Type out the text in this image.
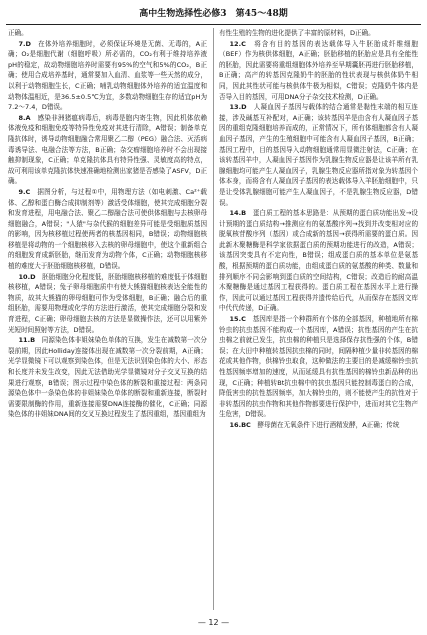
高中生物选择性必修3 第45～48期

正确。

7.D　 在体外培养细胞时，必须保证环境是无菌、无毒的，A正确；O₂是细胞代谢（细胞呼吸）所必需的，CO₂有利于维持培养液pH的稳定，故动物细胞培养时需要有95%的空气和5%的CO₂，B正确；使用合成培养基时，通常要加入血清、血浆等一些天然的成分，以利于动物细胞生长，C正确；哺乳动物细胞体外培养的适宜温度和动物体温相近，是36.5±0.5℃为宜，多数动物细胞生存的适宜pH为7.2～7.4，D错误。

8.A　 感染非洲猪瘟病毒后，病毒是胞内寄生物，因此机体依赖体液免疫和细胞免疫等特异性免疫对其进行清除，A错误；制备单克隆抗体时，诱导动物细胞融合常用聚乙二醇（PEG）融合法、灭活病毒诱导法、电融合法等方法，B正确；杂交瘤细胞培养时不会出现接触抑制现象，C正确；单克隆抗体具有特异性强、灵敏度高的特点，故可利用该单克隆抗体快速准确地检测出家猪是否感染了ASFV，D正确。

9.C　 据图分析，与过程①中，用物理方法（如电刺激、Ca²⁺载体、乙醇和蛋白酶合成抑制剂等）激活受体细胞，使其完成细胞分裂和发育进程，用电融合法、聚乙二醇融合法可使供体细胞与去核卵母细胞融合，A错误；"人猿"与杂代猴的细胞差异可能是受细胞质基因的影响，因为核移植过程使两者的核基因相同，B错误；动物细胞核移植是将动物的一个细胞核移入去核的卵母细胞中，使这个重新组合的细胞发育成新胚胎，继而发育为动物个体，C正确；动物细胞核移植的难度大于胚胎细胞核移植，D错误。

10.D　 胚胎细胞分化程度低，胚胎细胞核移植的难度低于体细胞核移植，A错误；兔子卵母细胞质中有使大熊猫细胞核表达全能性的物质，故其大熊猫的卵母细胞可作为受体细胞，B正确；融合后的重组胚胎，需要用物理或化学的方法进行激活，使其完成细胞分裂和发育进程，C正确；卵母细胞去核的方法是显微操作法，还可以用紫外光短时间照射等方法，D错误。

11.B　 同源染色体非姐妹染色单体的互换，发生在减数第一次分裂前期，因此Holliday连接体出现在减数第一次分裂前期，A正确；光学显微镜下可以观察到染色体，但是无法识别染色体的大小、形态和长度并未发生改变，因此无法借助光学显微镜对分子交叉互换的结果进行观察，B错误；图示过程中染色体的断裂和重接过程：两条同源染色体中一条染色体的非姐妹染色单体的断裂和重新连接，断裂时需要限制酶的作用，重新连接需要DNA连接酶的催化，C正确；同源染色体的非姐妹DNA间的交叉互换过程发生了基因重组，基因重组为

有性生殖的生物的进化提供了丰富的原材料，D正确。

12.C　 将含有目的基因的表达载体导入牛胚胎成纤维细胞（BEF）作为核供体细胞，A正确；胚胎移植的胚胎应是具有全能性的胚胎，因此需要将重组细胞体外培养至早期囊胚再进行胚胎移植，B正确；高产的转基因克隆奶牛的胚胎的性状表现与核供体奶牛相同，因此其性状可能与核供体牛极为相似，C错误；克隆奶牛体内是否导入目的基因，可用DNA分子杂交技术检测，D正确。

13.D　 人凝血因子基因与载体的结合通常是黏性末端的相互连接，涉及碱基互补配对，A正确；该转基因羊是由含有人凝血因子基因的重组克隆细胞培养而成的，正常情况下，所有体细胞都含有人凝血因子基因，产生的生殖细胞中可能含有人凝血因子基因，B正确；基因工程中，目的基因导入动物细胞通常用显微注射法，C正确；在该转基因羊中，人凝血因子基因作为乳腺生物反应器是让该羊所有乳腺细胞均可能产生人凝血因子，乳腺生物反应器所指对象为转基因个体本身，而将含有人凝血因子基因的表达载体导入羊胚胎细胞中，只是让受体乳腺细胞可能产生人凝血因子，不是乳腺生物反应器，D错误。

14.B　 蛋白质工程的基本思路是：从预期的蛋白质功能出发→设计预期的蛋白质结构→推测应有的氨基酸序列→找到并改变相对应的脱氧核苷酸序列（基因）或合成新的基因→获得所需要的蛋白质。因此新木聚糖酶是科学家依据蛋白质的预期功能进行的改造，A错误；该基因突变具有不定向性，B错误；组成蛋白质的基本单位是氨基酸，根据预期的蛋白质功能，由组成蛋白质的氨基酸的种类、数量和排列顺序不同会影响到蛋白质的空间结构，C错误；改造后的耐高温木聚糖酶是通过基因工程获得的。蛋白质工程在基因水平上进行操作，因此可以通过基因工程获得并遗传给后代，从而保存在基因文库中代代传递，D正确。

15.C　 基因库是指一个种群所有个体的全部基因，种植地所有棉铃虫的抗虫基因不能构成一个基因库，A错误；抗性基因的产生在抗虫棉之前就已发生，抗虫棉的种植只是选择保存抗性强的个体，B错误；在大田中种植转基因抗虫棉的同时，间隔种植少量非转基因的棉花或其他作物，供棉铃虫取食，这种做法的主要目的是减缓棉铃虫抗性基因频率增加的速度，从而延缓具有抗性基因的棉铃虫新品种的出现，C正确；种植转Bt抗虫棉中的抗虫基因只能控制毒蛋白的合成，降低害虫的抗性基因频率，加大棉铃虫的，则不能使产生的抗性对于非转基因的抗虫作物和其他作物都要进行保护中，进而对其它生物产生危害，D错误。

16.BC　 酵母菌在无氧条件下进行酒精发酵，A正确；传统

— 12 —
